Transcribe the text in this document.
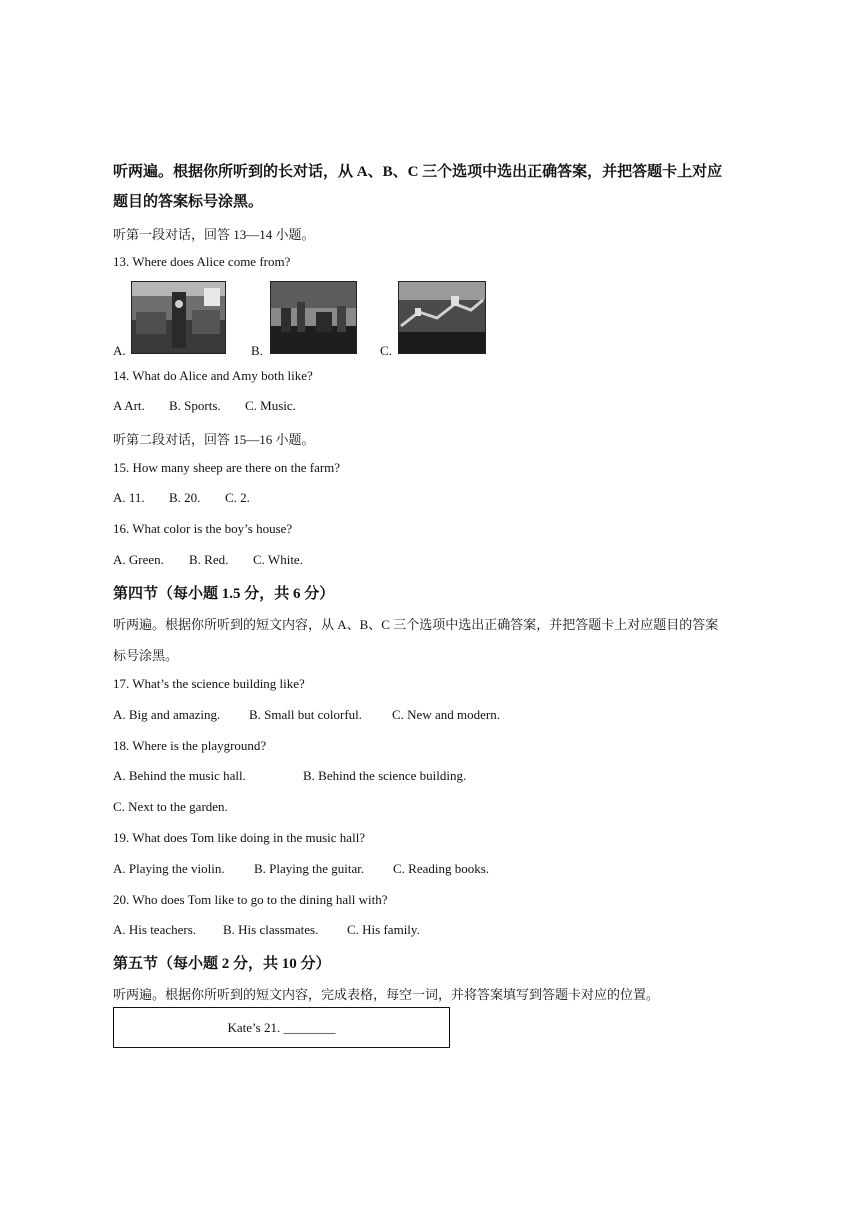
听两遍。根据你所听到的长对话，从 A、B、C 三个选项中选出正确答案，并把答题卡上对应
题目的答案标号涂黑。
听第一段对话，回答 13—14 小题。
13. Where does Alice come from?
A.	B.	C.
14. What do Alice and Amy both like?
A Art. B. Sports. C. Music.
听第二段对话，回答 15—16 小题。
15. How many sheep are there on the farm?
A. 11. B. 20. C. 2.
16. What color is the boy’s house?
A. Green. B. Red. C. White.
第四节（每小题 1.5 分，共 6 分）
听两遍。根据你所听到的短文内容，从 A、B、C 三个选项中选出正确答案，并把答题卡上对应题目的答案
标号涂黑。
17. What’s the science building like?
A. Big and amazing. B. Small but colorful. C. New and modern.
18. Where is the playground?
A. Behind the music hall.	B. Behind the science building.
C. Next to the garden.
19. What does Tom like doing in the music hall?
A. Playing the violin. B. Playing the guitar. C. Reading books.
20. Who does Tom like to go to the dining hall with?
A. His teachers. B. His classmates. C. His family.
第五节（每小题 2 分，共 10 分）
听两遍。根据你所听到的短文内容，完成表格，每空一词，并将答案填写到答题卡对应的位置。
Kate’s 21. ________
